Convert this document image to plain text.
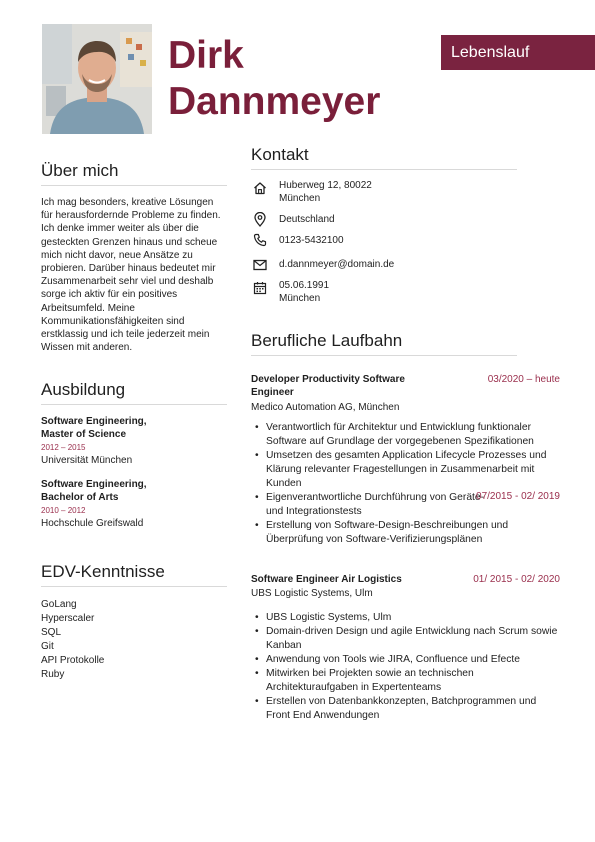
Dirk
Dannmeyer
Lebenslauf
Über mich
Ich mag besonders, kreative Lösungen für herausfordernde Probleme zu finden. Ich denke immer weiter als über die gesteckten Grenzen hinaus und scheue mich nicht davor, neue Ansätze zu probieren. Darüber hinaus bedeutet mir Zusammenarbeit sehr viel und deshalb sorge ich aktiv für ein positives Arbeitsumfeld. Meine Kommunikationsfähigkeiten sind erstklassig und ich teile jederzeit mein Wissen mit anderen.
Ausbildung
Software Engineering, Master of Science
2012 – 2015
Universität München
Software Engineering, Bachelor of Arts
2010 – 2012
Hochschule Greifswald
EDV-Kenntnisse
GoLang
Hyperscaler
SQL
Git
API Protokolle
Ruby
Kontakt
Huberweg 12, 80022
München
Deutschland
0123-5432100
d.dannmeyer@domain.de
05.06.1991
München
Berufliche Laufbahn
Developer Productivity Software Engineer
03/2020 – heute
Medico Automation AG, München
• Verantwortlich für Architektur und Entwicklung funktionaler Software auf Grundlage der vorgegebenen Spezifikationen
• Umsetzen des gesamten Application Lifecycle Prozesses und Klärung relevanter Fragestellungen in Zusammenarbeit mit Kunden
• Eigenverantwortliche Durchführung von Geräte- und Integrationstests
• Erstellung von Software-Design-Beschreibungen und Überprüfung von Software-Verifizierungsplänen
07/2015 - 02/ 2019
Software Engineer Air Logistics	01/ 2015 - 02/ 2020
UBS Logistic Systems, Ulm
• UBS Logistic Systems, Ulm
• Domain-driven Design und agile Entwicklung nach Scrum sowie Kanban
• Anwendung von Tools wie JIRA, Confluence und Efecte
• Mitwirken bei Projekten sowie an technischen Architekturaufgaben in Expertenteams
• Erstellen von Datenbankkonzepten, Batchprogrammen und Front End Anwendungen
